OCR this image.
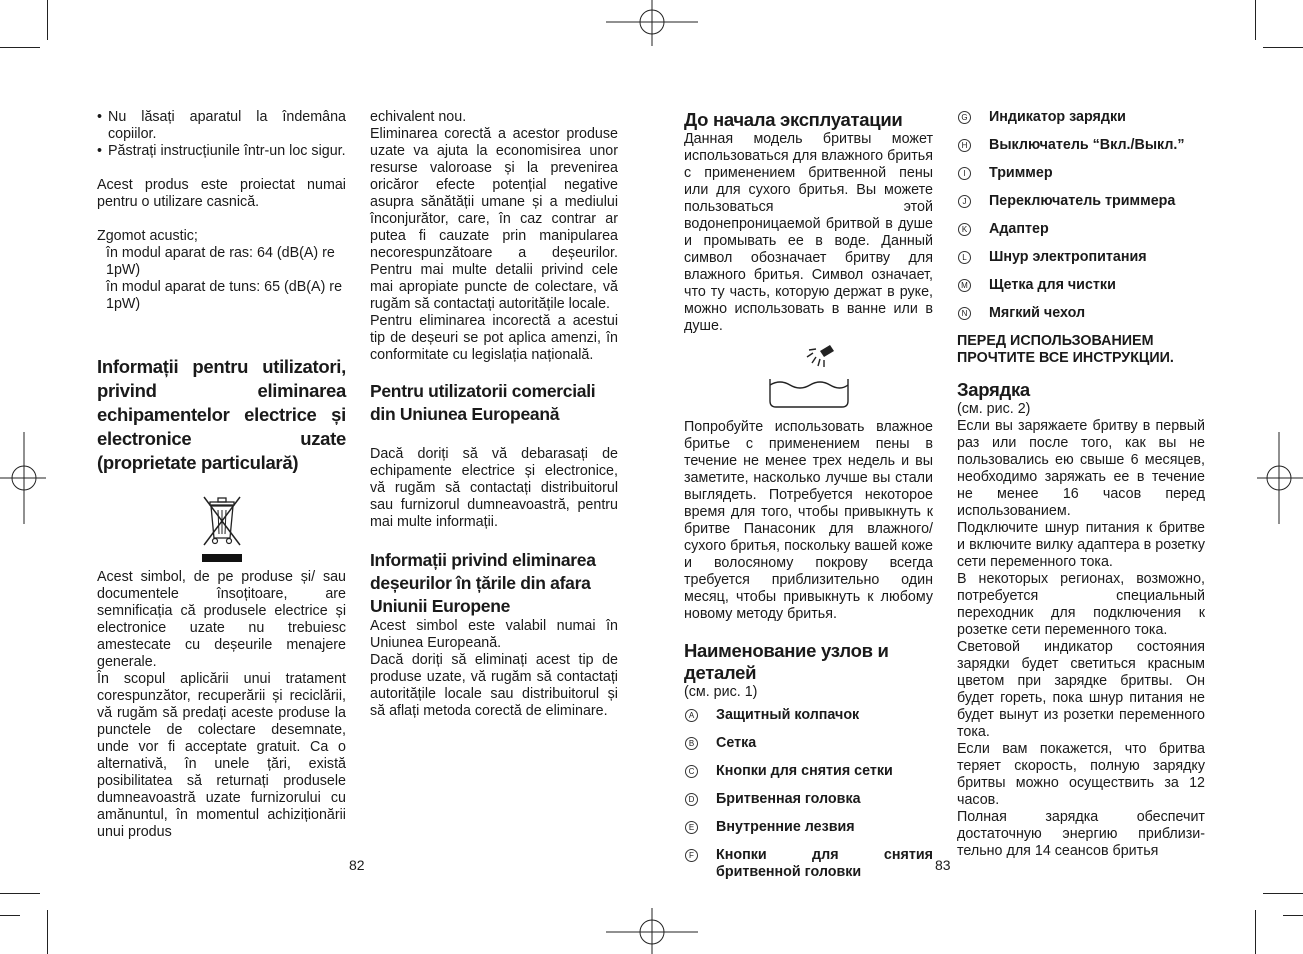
• Nu lăsați aparatul la îndemâna copiilor.

• Păstrați instrucțiunile într-un loc sigur.

Acest produs este proiectat numai pentru o utilizare casnică.

Zgomot acustic;

în modul aparat de ras: 64 (dB(A) re 1pW)

în modul aparat de tuns: 65 (dB(A) re 1pW)

Informații pentru utilizatori, privind eliminarea echipamentelor electrice și electronice uzate (proprietate particulară)

Acest simbol, de pe produse și/ sau documentele însoțitoare, are semnificația că produsele electrice și electronice uzate nu trebuiesc amestecate cu deșeurile menajere generale.

În scopul aplicării unui tratament corespunzător, recuperării și reciclării, vă rugăm să predați aceste produse la punctele de colectare desemnate, unde vor fi acceptate gratuit. Ca o alternativă, în unele țări, există posibilitatea să returnați produsele dumneavoastră uzate furnizorului cu amănuntul, în momentul achiziționării unui produs

echivalent nou.

Eliminarea corectă a acestor produse uzate va ajuta la economisirea unor resurse valoroase și la prevenirea oricăror efecte potențial negative asupra sănătății umane și a mediului înconjurător, care, în caz contrar ar putea fi cauzate prin manipularea necorespunzătoare a deșeurilor. Pentru mai multe detalii privind cele mai apropiate puncte de colectare, vă rugăm să contactați autoritățile locale.

Pentru eliminarea incorectă a acestui tip de deșeuri se pot aplica amenzi, în conformitate cu legislația națională.

Pentru utilizatorii comerciali din Uniunea Europeană

Dacă doriți să vă debarasați de echipamente electrice și electronice, vă rugăm să contactați distribuitorul sau furnizorul dumneavoastră, pentru mai multe informații.

Informații privind eliminarea deșeurilor în țările din afara Uniunii Europene

Acest simbol este valabil numai în Uniunea Europeană.

Dacă doriți să eliminați acest tip de produse uzate, vă rugăm să contactați autoritățile locale sau distribuitorul și să aflați metoda corectă de eliminare.

До начала эксплуатации

Данная модель бритвы может использоваться для влажного бритья с применением бритвенной пены или для сухого бритья. Вы можете пользоваться этой водонепроницаемой бритвой в душе и промывать ее в воде. Данный символ обозначает бритву для влажного бритья. Символ означает, что ту часть, которую держат в руке, можно использовать в ванне или в душе.

Попробуйте использовать влажное бритье с применением пены в течение не менее трех недель и вы заметите, насколько лучше вы стали выглядеть. Потребуется некоторое время для того, чтобы привыкнуть к бритве Панасоник для влажного/сухого бритья, поскольку вашей коже и волосяному покрову всегда требуется приблизительно один месяц, чтобы привыкнуть к любому новому методу бритья.

Наименование узлов и деталей

(см. рис. 1)

A Защитный колпачок
B Сетка
C Кнопки для снятия сетки
D Бритвенная головка
E Внутренние лезвия
F Кнопки для снятия бритвенной головки
G Индикатор зарядки
H Выключатель “Вкл./Выкл.”
I	Триммер
J	Переключатель триммера
K Адаптер
L Шнур электропитания
M Щетка для чистки
N Мягкий чехол

ПЕРЕД ИСПОЛЬЗОВАНИЕМ ПРОЧТИТЕ ВСЕ ИНСТРУКЦИИ.

Зарядка

(см. рис. 2)

Если вы заряжаете бритву в первый раз или после того, как вы не пользовались ею свыше 6 месяцев, необходимо заряжать ее в течение не менее 16 часов перед использованием.

Подключите шнур питания к бритве и включите вилку адаптера в розетку сети переменного тока.

В некоторых регионах, возможно, потребуется специальный переходник для подключения к розетке сети переменного тока.

Световой индикатор состояния зарядки будет светиться красным цветом при зарядке бритвы. Он будет гореть, пока шнур питания не будет вынут из розетки переменного тока.

Если вам покажется, что бритва теряет скорость, полную зарядку бритвы можно осуществить за 12 часов.

Полная зарядка обеспечит достаточную энергию приблизи-тельно для 14 сеансов бритья

82	83
